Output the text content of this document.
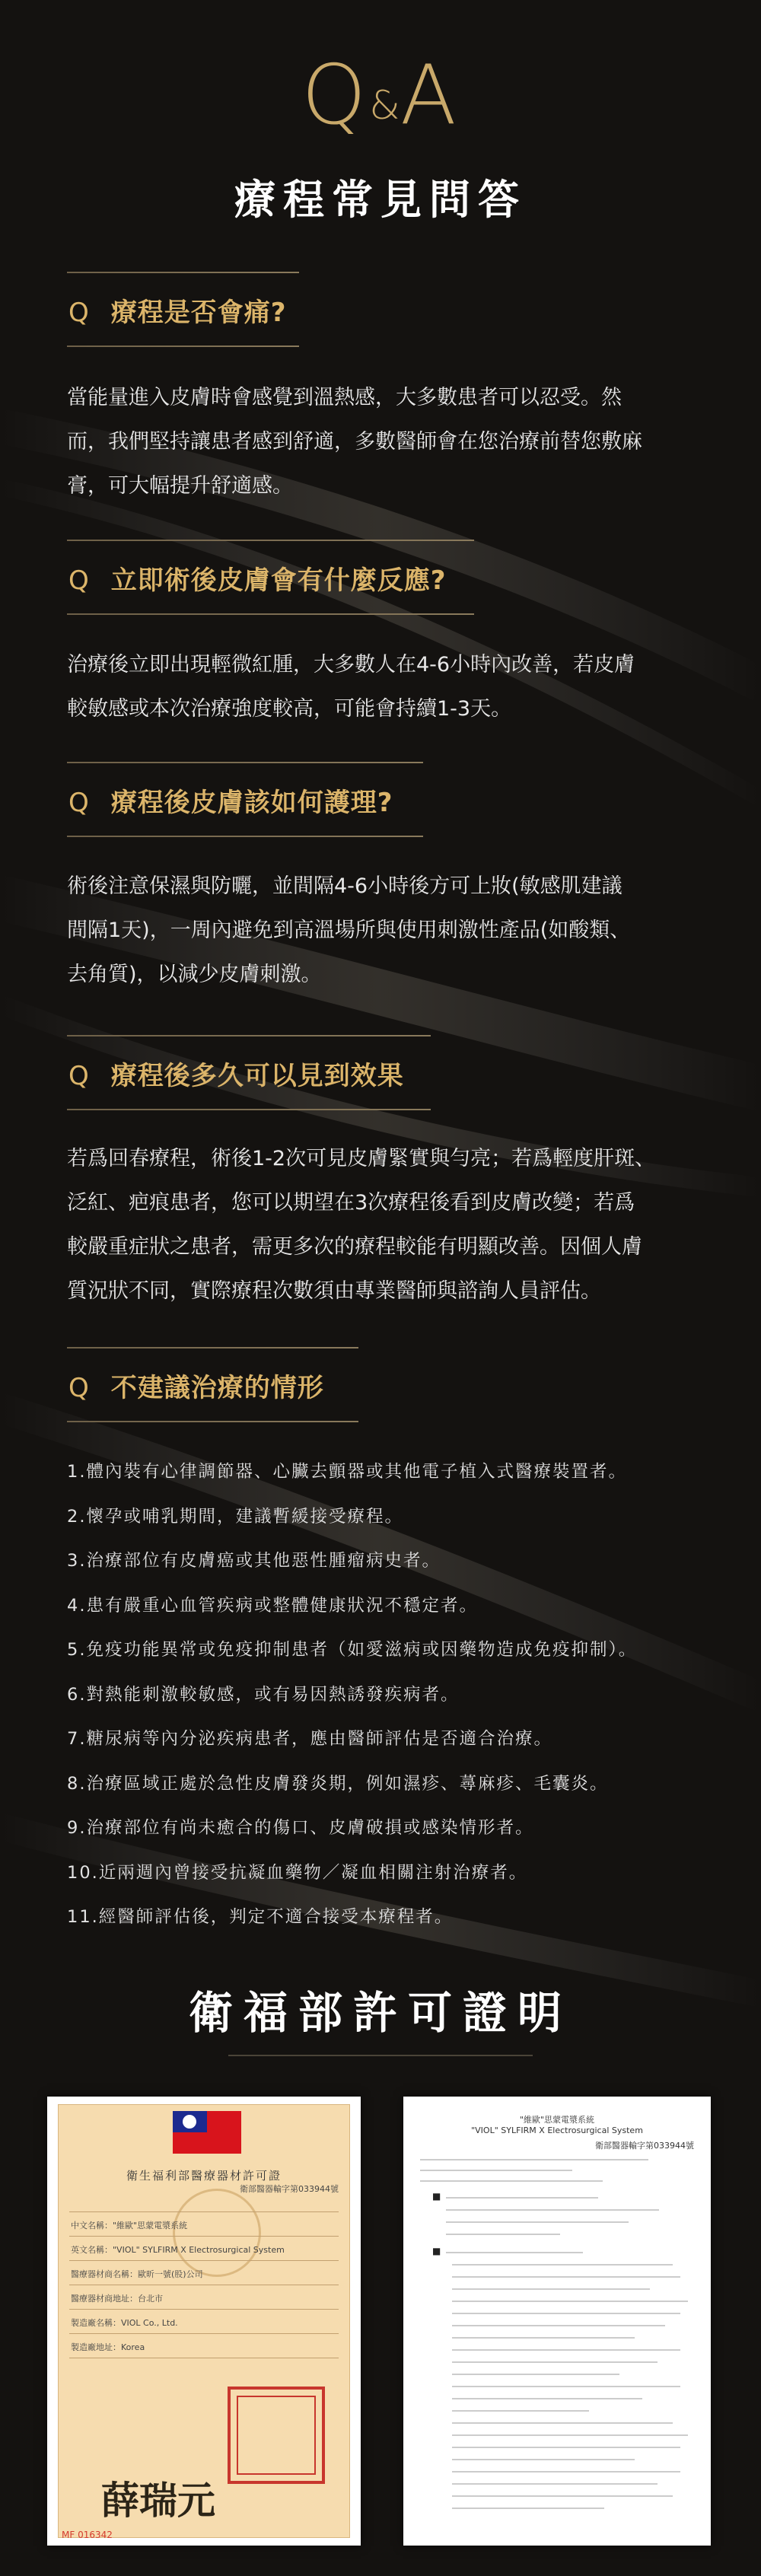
Q&A
療程常見問答
Q 療程是否會痛?
當能量進入皮膚時會感覺到溫熱感，大多數患者可以忍受。然
而，我們堅持讓患者感到舒適，多數醫師會在您治療前替您敷麻
膏，可大幅提升舒適感。
Q 立即術後皮膚會有什麼反應?
治療後立即出現輕微紅腫，大多數人在4-6小時內改善，若皮膚
較敏感或本次治療強度較高，可能會持續1-3天。
Q 療程後皮膚該如何護理?
術後注意保濕與防曬，並間隔4-6小時後方可上妝(敏感肌建議
間隔1天)，一周內避免到高溫場所與使用刺激性產品(如酸類、
去角質)，以減少皮膚刺激。
Q 療程後多久可以見到效果
若爲回春療程，術後1-2次可見皮膚緊實與勻亮；若爲輕度肝斑、
泛紅、疤痕患者，您可以期望在3次療程後看到皮膚改變；若爲
較嚴重症狀之患者，需更多次的療程較能有明顯改善。因個人膚
質況狀不同，實際療程次數須由專業醫師與諮詢人員評估。
Q 不建議治療的情形
1.體內裝有心律調節器、心臟去顫器或其他電子植入式醫療裝置者。
2.懷孕或哺乳期間，建議暫緩接受療程。
3.治療部位有皮膚癌或其他惡性腫瘤病史者。
4.患有嚴重心血管疾病或整體健康狀況不穩定者。
5.免疫功能異常或免疫抑制患者（如愛滋病或因藥物造成免疫抑制）。
6.對熱能刺激較敏感，或有易因熱誘發疾病者。
7.糖尿病等內分泌疾病患者，應由醫師評估是否適合治療。
8.治療區域正處於急性皮膚發炎期，例如濕疹、蕁麻疹、毛囊炎。
9.治療部位有尚未癒合的傷口、皮膚破損或感染情形者。
10.近兩週內曾接受抗凝血藥物／凝血相關注射治療者。
11.經醫師評估後，判定不適合接受本療程者。
衛福部許可證明
衛生福利部醫療器材許可證
衛部醫器輸字第033944號
中文名稱："維歐"思蒙電漿系統
英文名稱："VIOL" SYLFIRM X Electrosurgical System
醫療器材商名稱：歐昕一號(股)公司
醫療器材商地址：台北市
製造廠名稱：VIOL Co., Ltd.
製造廠地址：Korea
薛瑞元
MF 016342
"維歐"思蒙電漿系統
"VIOL" SYLFIRM X Electrosurgical System
衛部醫器輸字第033944號
■
■
